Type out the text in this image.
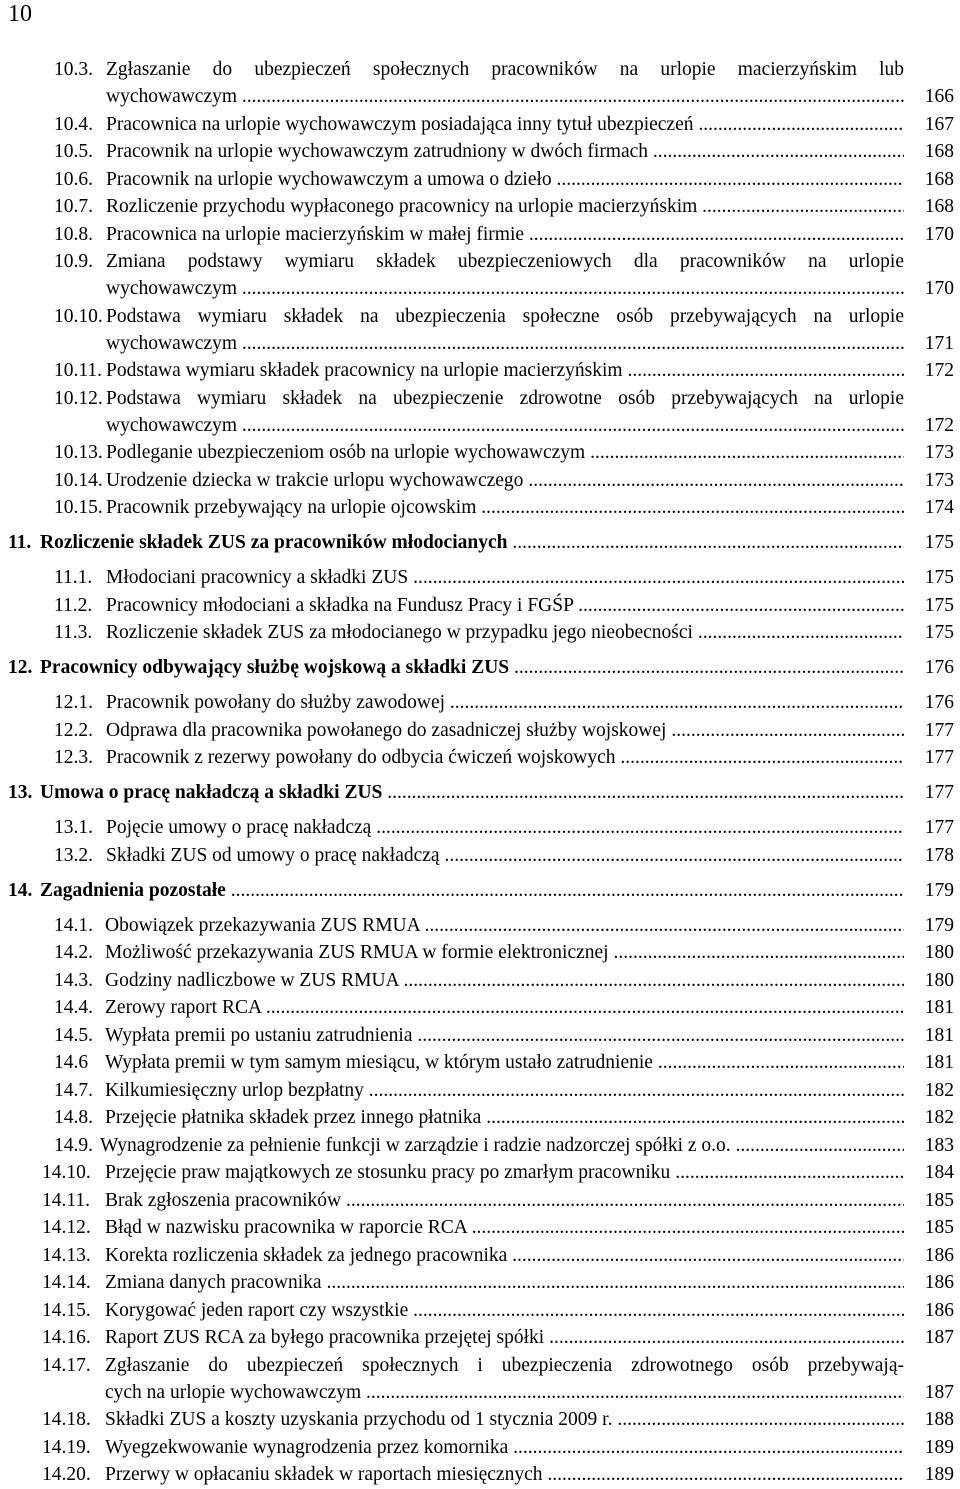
10
10.3. Zgłaszanie do ubezpieczeń społecznych pracowników na urlopie macierzyńskim lub
wychowawczym .....	166
10.4. Pracownica na urlopie wychowawczym posiadająca inny tytuł ubezpieczeń .....	167
10.5. Pracownik na urlopie wychowawczym zatrudniony w dwóch firmach .....	168
10.6. Pracownik na urlopie wychowawczym a umowa o dzieło .....	168
10.7. Rozliczenie przychodu wypłaconego pracownicy na urlopie macierzyńskim .....	168
10.8. Pracownica na urlopie macierzyńskim w małej firmie .....	170
10.9. Zmiana podstawy wymiaru składek ubezpieczeniowych dla pracowników na urlopie
wychowawczym .....	170
10.10. Podstawa wymiaru składek na ubezpieczenia społeczne osób przebywających na urlopie
wychowawczym .....	171
10.11. Podstawa wymiaru składek pracownicy na urlopie macierzyńskim .....	172
10.12. Podstawa wymiaru składek na ubezpieczenie zdrowotne osób przebywających na urlopie
wychowawczym .....	172
10.13. Podleganie ubezpieczeniom osób na urlopie wychowawczym .....	173
10.14. Urodzenie dziecka w trakcie urlopu wychowawczego .....	173
10.15. Pracownik przebywający na urlopie ojcowskim .....	174
11. Rozliczenie składek ZUS za pracowników młodocianych .....	175
11.1. Młodociani pracownicy a składki ZUS .....	175
11.2. Pracownicy młodociani a składka na Fundusz Pracy i FGŚP .....	175
11.3. Rozliczenie składek ZUS za młodocianego w przypadku jego nieobecności .....	175
12. Pracownicy odbywający służbę wojskową a składki ZUS .....	176
12.1. Pracownik powołany do służby zawodowej .....	176
12.2. Odprawa dla pracownika powołanego do zasadniczej służby wojskowej .....	177
12.3. Pracownik z rezerwy powołany do odbycia ćwiczeń wojskowych .....	177
13. Umowa o pracę nakładczą a składki ZUS .....	177
13.1. Pojęcie umowy o pracę nakładczą .....	177
13.2. Składki ZUS od umowy o pracę nakładczą .....	178
14. Zagadnienia pozostałe .....	179
14.1. Obowiązek przekazywania ZUS RMUA .....	179
14.2. Możliwość przekazywania ZUS RMUA w formie elektronicznej .....	180
14.3. Godziny nadliczbowe w ZUS RMUA .....	180
14.4. Zerowy raport RCA .....	181
14.5. Wypłata premii po ustaniu zatrudnienia .....	181
14.6 Wypłata premii w tym samym miesiącu, w którym ustało zatrudnienie .....	181
14.7. Kilkumiesięczny urlop bezpłatny .....	182
14.8. Przejęcie płatnika składek przez innego płatnika .....	182
14.9. Wynagrodzenie za pełnienie funkcji w zarządzie i radzie nadzorczej spółki z o.o. .....	183
14.10. Przejęcie praw majątkowych ze stosunku pracy po zmarłym pracowniku .....	184
14.11. Brak zgłoszenia pracowników .....	185
14.12. Błąd w nazwisku pracownika w raporcie RCA .....	185
14.13. Korekta rozliczenia składek za jednego pracownika .....	186
14.14. Zmiana danych pracownika .....	186
14.15. Korygować jeden raport czy wszystkie .....	186
14.16. Raport ZUS RCA za byłego pracownika przejętej spółki .....	187
14.17. Zgłaszanie do ubezpieczeń społecznych i ubezpieczenia zdrowotnego osób przebywają-
cych na urlopie wychowawczym .....	187
14.18. Składki ZUS a koszty uzyskania przychodu od 1 stycznia 2009 r. .....	188
14.19. Wyegzekwowanie wynagrodzenia przez komornika .....	189
14.20. Przerwy w opłacaniu składek w raportach miesięcznych .....	189
